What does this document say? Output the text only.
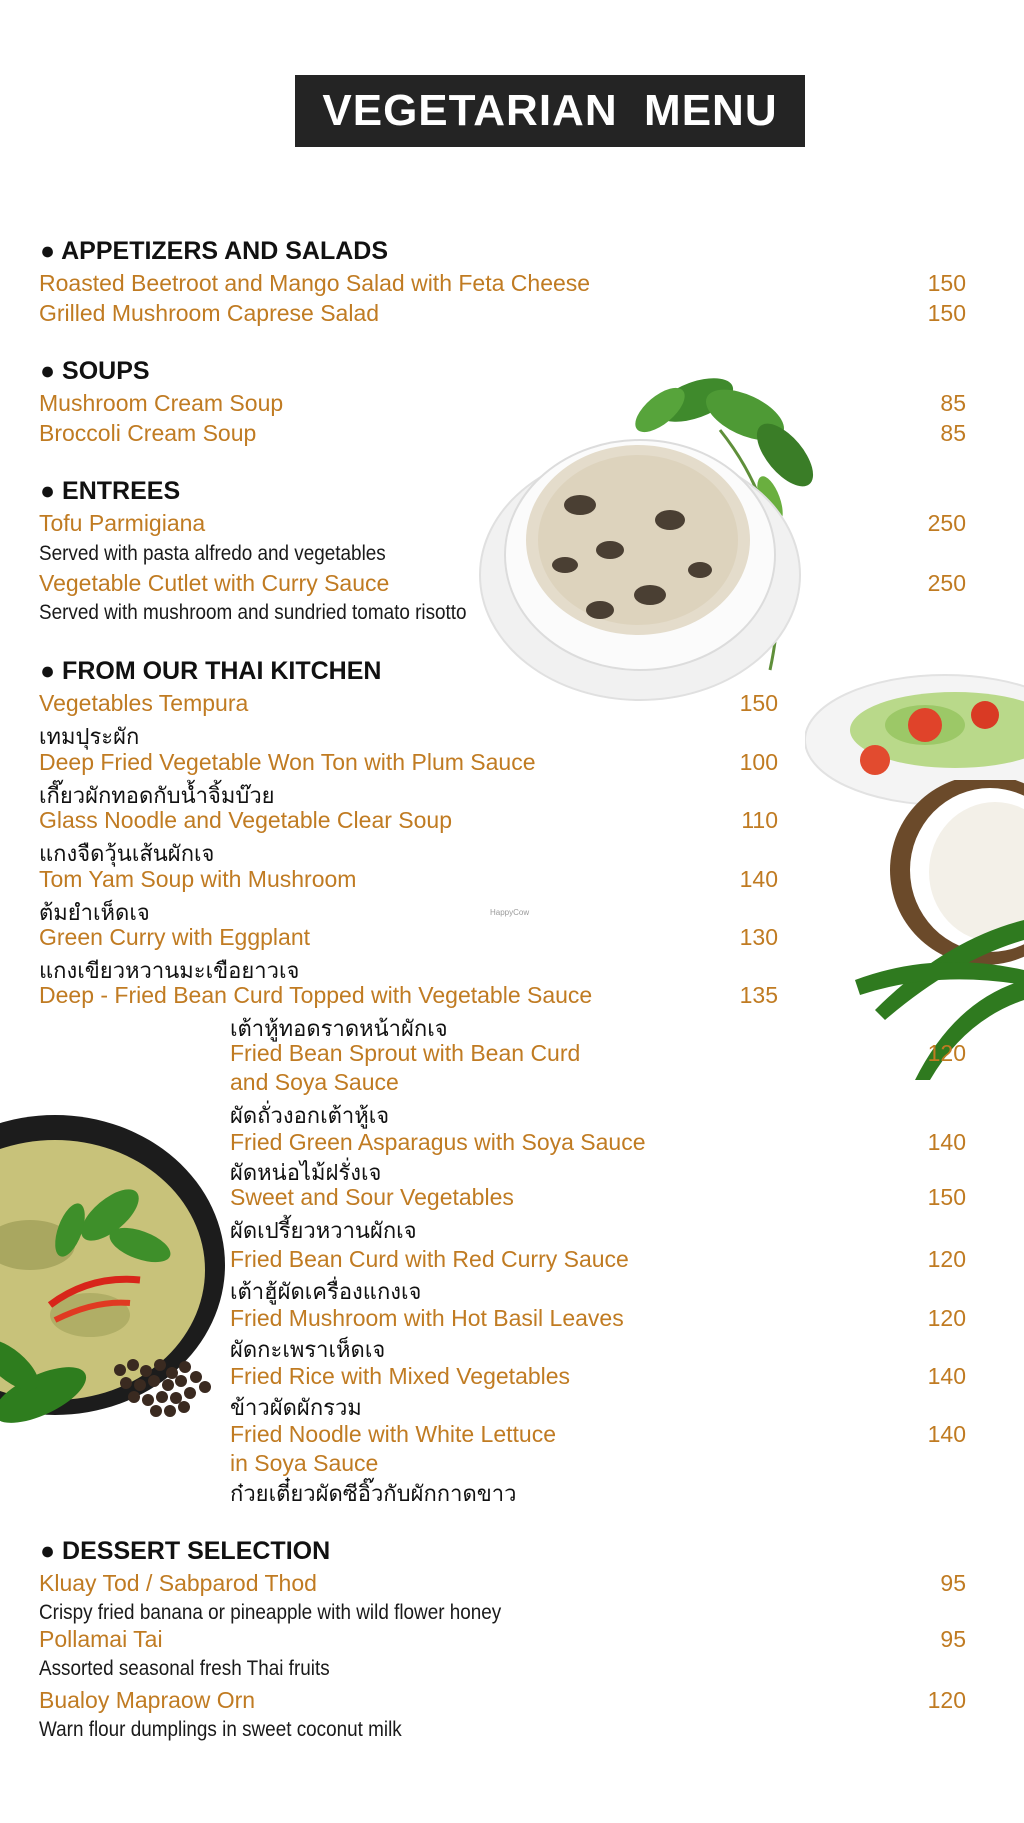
VEGETARIAN  MENU
● APPETIZERS AND SALADS
Roasted Beetroot and Mango Salad with Feta Cheese	150
Grilled Mushroom Caprese Salad	150
● SOUPS
Mushroom Cream Soup	85
Broccoli Cream Soup	85
● ENTREES
Tofu Parmigiana	250
Served with pasta alfredo and vegetables
Vegetable Cutlet with Curry Sauce	250
Served with mushroom and sundried tomato risotto
● FROM OUR THAI KITCHEN
Vegetables Tempura	150
เทมปุระผัก
Deep Fried Vegetable Won Ton with Plum Sauce	100
เกี๊ยวผักทอดกับน้ำจิ้มบ๊วย
Glass Noodle and Vegetable Clear Soup	110
แกงจืดวุ้นเส้นผักเจ
Tom Yam Soup with Mushroom	140
ต้มยำเห็ดเจ	HappyCow
Green Curry with Eggplant	130
แกงเขียวหวานมะเขือยาวเจ
Deep - Fried Bean Curd Topped with Vegetable Sauce	135
เต้าหู้ทอดราดหน้าผักเจ
Fried Bean Sprout with Bean Curd	120
and Soya Sauce
ผัดถั่วงอกเต้าหู้เจ
Fried Green Asparagus with Soya Sauce	140
ผัดหน่อไม้ฝรั่งเจ
Sweet and Sour Vegetables	150
ผัดเปรี้ยวหวานผักเจ
Fried Bean Curd with Red Curry Sauce	120
เต้าฮู้ผัดเครื่องแกงเจ
Fried Mushroom with Hot Basil Leaves	120
ผัดกะเพราเห็ดเจ
Fried Rice with Mixed Vegetables	140
ข้าวผัดผักรวม
Fried Noodle with White Lettuce	140
in Soya Sauce
ก๋วยเตี๋ยวผัดซีอิ๊วกับผักกาดขาว
● DESSERT SELECTION
Kluay Tod / Sabparod Thod	95
Crispy fried banana or pineapple with wild flower honey
Pollamai Tai	95
Assorted seasonal fresh Thai fruits
Bualoy Mapraow Orn	120
Warn flour dumplings in sweet coconut milk
